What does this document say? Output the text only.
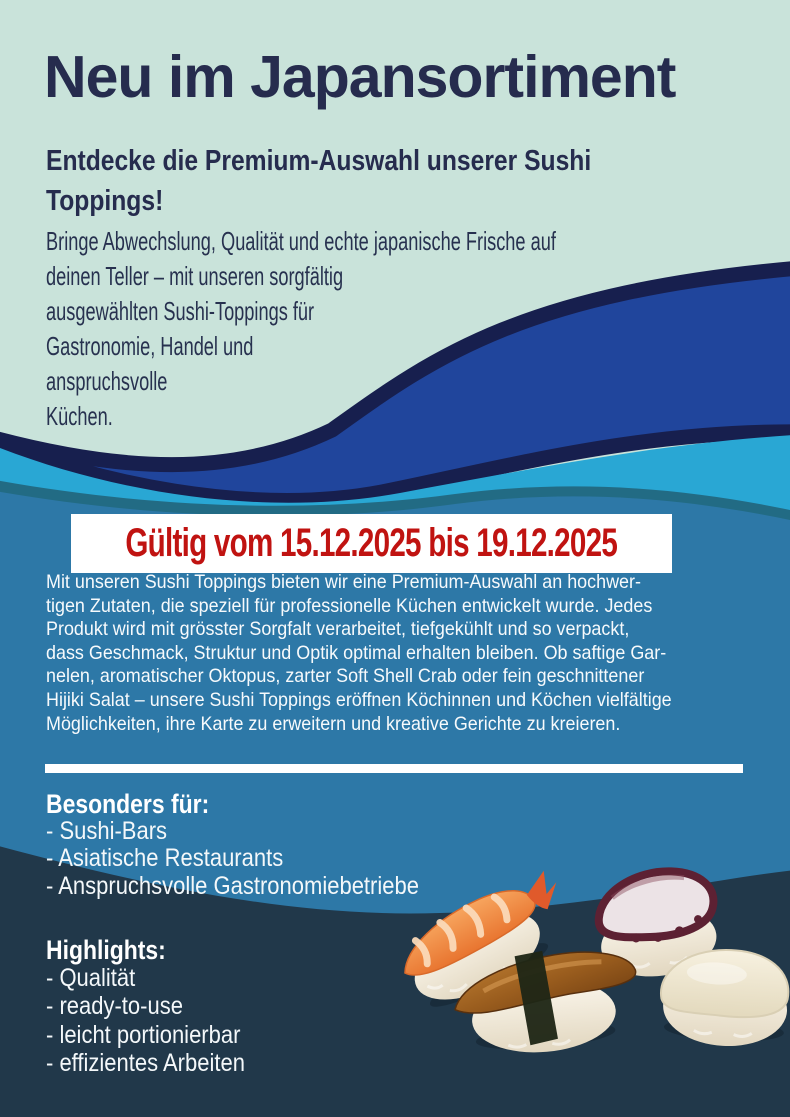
Neu im Japansortiment
Entdecke die Premium-Auswahl unserer Sushi
Toppings!
Bringe Abwechslung, Qualität und echte japanische Frische auf
deinen Teller – mit unseren sorgfältig
ausgewählten Sushi-Toppings für
Gastronomie, Handel und
anspruchsvolle
Küchen.
Gültig vom 15.12.2025 bis 19.12.2025
Mit unseren Sushi Toppings bieten wir eine Premium-Auswahl an hochwer-
tigen Zutaten, die speziell für professionelle Küchen entwickelt wurde. Jedes
Produkt wird mit grösster Sorgfalt verarbeitet, tiefgekühlt und so verpackt,
dass Geschmack, Struktur und Optik optimal erhalten bleiben. Ob saftige Gar-
nelen, aromatischer Oktopus, zarter Soft Shell Crab oder fein geschnittener
Hijiki Salat – unsere Sushi Toppings eröffnen Köchinnen und Köchen vielfältige
Möglichkeiten, ihre Karte zu erweitern und kreative Gerichte zu kreieren.
Besonders für:
- Sushi-Bars
- Asiatische Restaurants
- Anspruchsvolle Gastronomiebetriebe
Highlights:
- Qualität
- ready-to-use
- leicht portionierbar
- effizientes Arbeiten
